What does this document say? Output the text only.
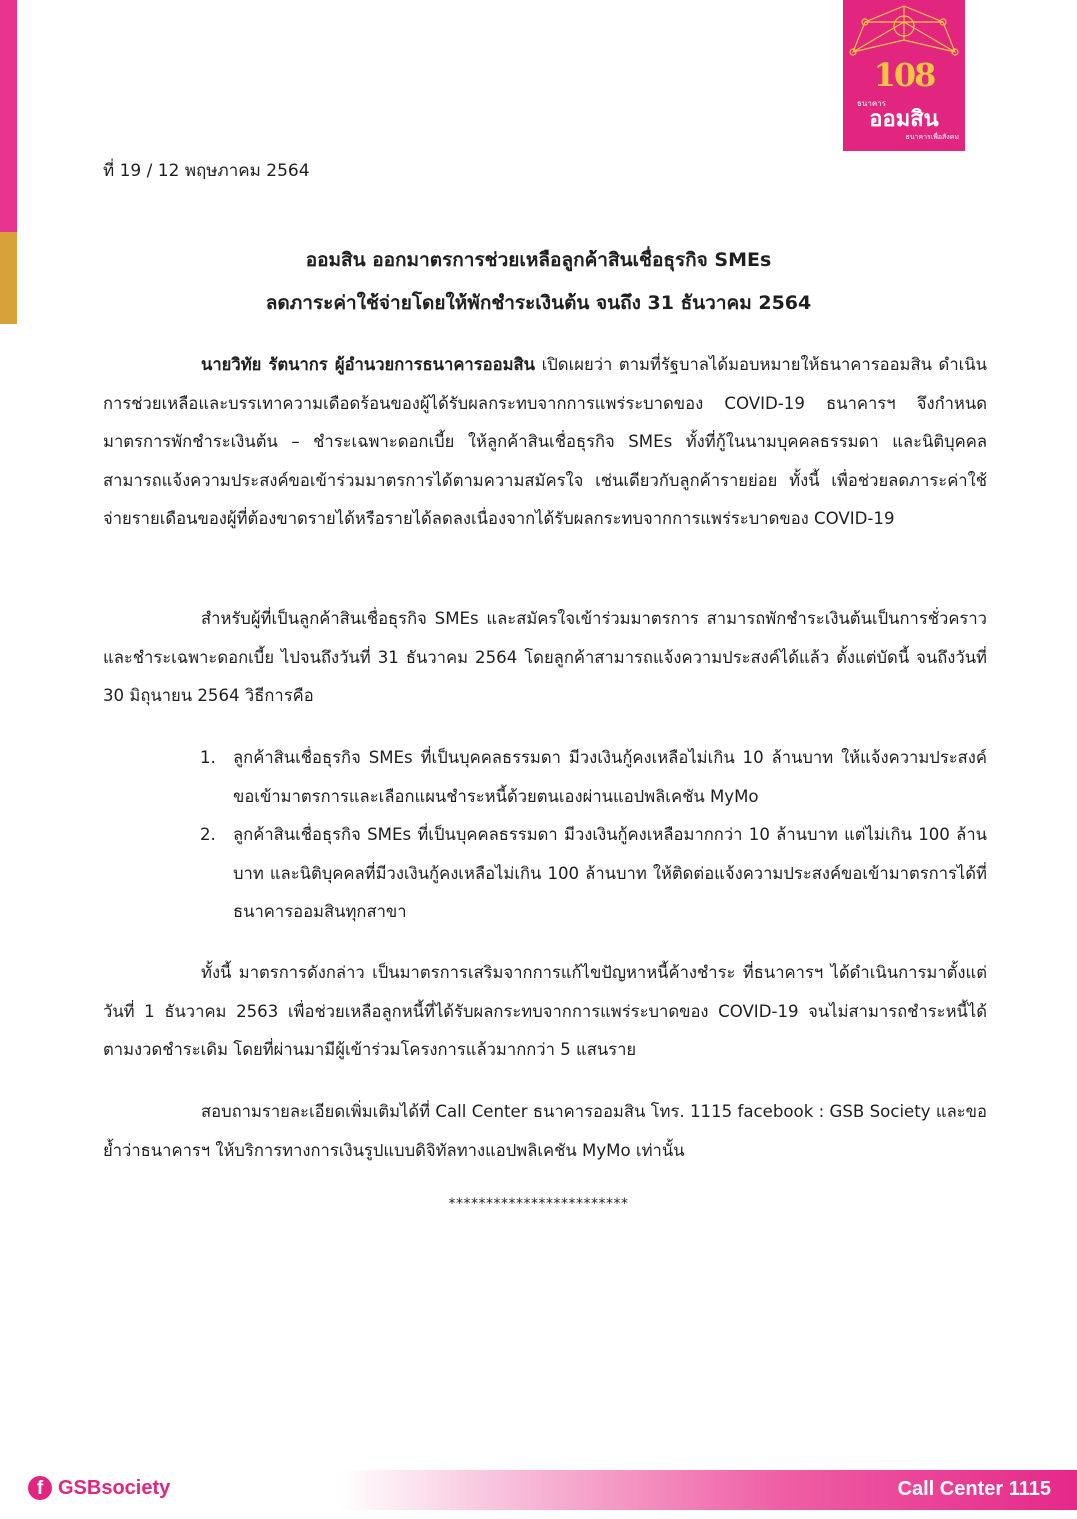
108
ธนาคาร
ออมสิน
ธนาคารเพื่อสังคม
ที่ 19 / 12 พฤษภาคม 2564
ออมสิน ออกมาตรการช่วยเหลือลูกค้าสินเชื่อธุรกิจ SMEs
ลดภาระค่าใช้จ่ายโดยให้พักชำระเงินต้น จนถึง 31 ธันวาคม 2564

นายวิทัย รัตนากร ผู้อำนวยการธนาคารออมสิน เปิดเผยว่า ตามที่รัฐบาลได้มอบหมายให้ธนาคารออมสิน ดำเนินการช่วยเหลือและบรรเทาความเดือดร้อนของผู้ได้รับผลกระทบจากการแพร่ระบาดของ COVID-19 ธนาคารฯ จึงกำหนดมาตรการพักชำระเงินต้น – ชำระเฉพาะดอกเบี้ย ให้ลูกค้าสินเชื่อธุรกิจ SMEs ทั้งที่กู้ในนามบุคคลธรรมดา และนิติบุคคล สามารถแจ้งความประสงค์ขอเข้าร่วมมาตรการได้ตามความสมัครใจ เช่นเดียวกับลูกค้ารายย่อย ทั้งนี้ เพื่อช่วยลดภาระค่าใช้จ่ายรายเดือนของผู้ที่ต้องขาดรายได้หรือรายได้ลดลงเนื่องจากได้รับผลกระทบจากการแพร่ระบาดของ COVID-19

สำหรับผู้ที่เป็นลูกค้าสินเชื่อธุรกิจ SMEs และสมัครใจเข้าร่วมมาตรการ สามารถพักชำระเงินต้นเป็นการชั่วคราว และชำระเฉพาะดอกเบี้ย ไปจนถึงวันที่ 31 ธันวาคม 2564 โดยลูกค้าสามารถแจ้งความประสงค์ได้แล้ว ตั้งแต่บัดนี้ จนถึงวันที่ 30 มิถุนายน 2564 วิธีการคือ

1. ลูกค้าสินเชื่อธุรกิจ SMEs ที่เป็นบุคคลธรรมดา มีวงเงินกู้คงเหลือไม่เกิน 10 ล้านบาท ให้แจ้งความประสงค์ขอเข้ามาตรการและเลือกแผนชำระหนี้ด้วยตนเองผ่านแอปพลิเคชัน MyMo
2. ลูกค้าสินเชื่อธุรกิจ SMEs ที่เป็นบุคคลธรรมดา มีวงเงินกู้คงเหลือมากกว่า 10 ล้านบาท แต่ไม่เกิน 100 ล้านบาท และนิติบุคคลที่มีวงเงินกู้คงเหลือไม่เกิน 100 ล้านบาท ให้ติดต่อแจ้งความประสงค์ขอเข้ามาตรการได้ที่ธนาคารออมสินทุกสาขา

ทั้งนี้ มาตรการดังกล่าว เป็นมาตรการเสริมจากการแก้ไขปัญหาหนี้ค้างชำระ ที่ธนาคารฯ ได้ดำเนินการมาตั้งแต่วันที่ 1 ธันวาคม 2563 เพื่อช่วยเหลือลูกหนี้ที่ได้รับผลกระทบจากการแพร่ระบาดของ COVID-19 จนไม่สามารถชำระหนี้ได้ตามงวดชำระเดิม โดยที่ผ่านมามีผู้เข้าร่วมโครงการแล้วมากกว่า 5 แสนราย

สอบถามรายละเอียดเพิ่มเติมได้ที่ Call Center ธนาคารออมสิน โทร. 1115 facebook : GSB Society และขอย้ำว่าธนาคารฯ ให้บริการทางการเงินรูปแบบดิจิทัลทางแอปพลิเคชัน MyMo เท่านั้น

************************
f GSBsociety	Call Center 1115
